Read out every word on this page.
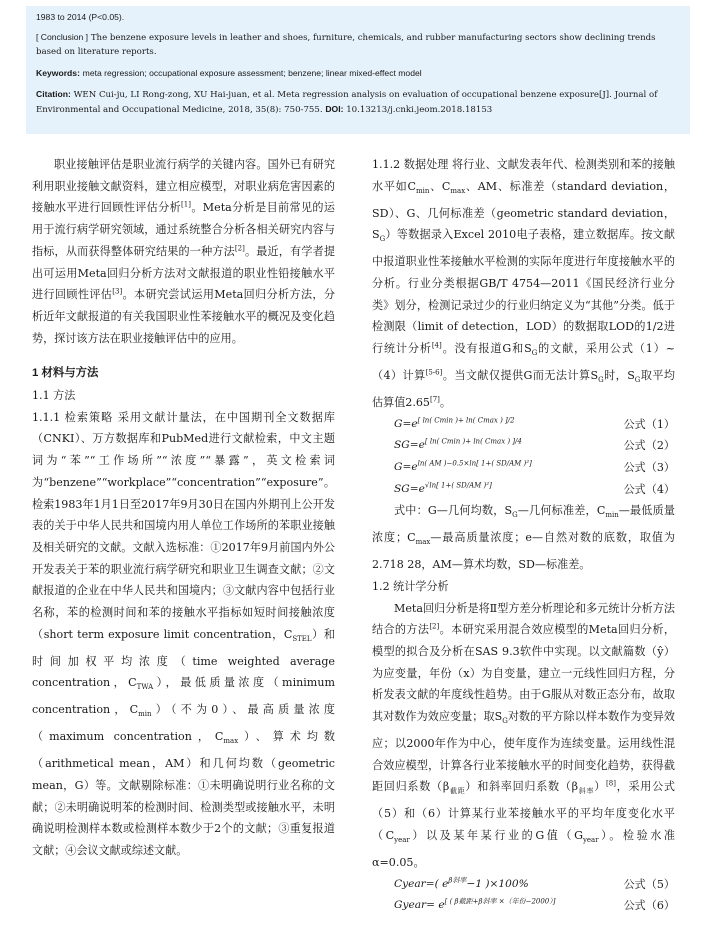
1983 to 2014 (P<0.05).

[ Conclusion ] The benzene exposure levels in leather and shoes, furniture, chemicals, and rubber manufacturing sectors show declining trends based on literature reports.

Keywords: meta regression; occupational exposure assessment; benzene; linear mixed-effect model

Citation: WEN Cui-ju, LI Rong-zong, XU Hai-juan, et al. Meta regression analysis on evaluation of occupational benzene exposure[J]. Journal of Environmental and Occupational Medicine, 2018, 35(8): 750-755. DOI: 10.13213/j.cnki.jeom.2018.18153

职业接触评估是职业流行病学的关键内容。国外已有研究利用职业接触文献资料，建立相应模型，对职业病危害因素的接触水平进行回顾性评估分析[1]。Meta分析是目前常见的运用于流行病学研究领域，通过系统整合分析各相关研究内容与指标，从而获得整体研究结果的一种方法[2]。最近，有学者提出可运用Meta回归分析方法对文献报道的职业性铅接触水平进行回顾性评估[3]。本研究尝试运用Meta回归分析方法，分析近年文献报道的有关我国职业性苯接触水平的概况及变化趋势，探讨该方法在职业接触评估中的应用。

1 材料与方法

1.1 方法

1.1.1 检索策略 采用文献计量法，在中国期刊全文数据库（CNKI）、万方数据库和PubMed进行文献检索，中文主题词为“苯”“工作场所”“浓度”“暴露”，英文检索词为“benzene”“workplace”“concentration”“exposure”。检索1983年1月1日至2017年9月30日在国内外期刊上公开发表的关于中华人民共和国境内用人单位工作场所的苯职业接触及相关研究的文献。文献入选标准：①2017年9月前国内外公开发表关于苯的职业流行病学研究和职业卫生调查文献；②文献报道的企业在中华人民共和国境内；③文献内容中包括行业名称，苯的检测时间和苯的接触水平指标如短时间接触浓度（short term exposure limit concentration，$C_{STEL}$）和时间加权平均浓度（time weighted average concentration，$C_{TWA}$），最低质量浓度（minimum concentration，$C_{min}$）（不为0）、最高质量浓度（maximum concentration，$C_{max}$）、算术均数（arithmetical mean，AM）和几何均数（geometric mean，G）等。文献剔除标准：①未明确说明行业名称的文献；②未明确说明苯的检测时间、检测类型或接触水平，未明确说明检测样本数或检测样本数少于2个的文献；③重复报道文献；④会议文献或综述文献。

1.1.2 数据处理 将行业、文献发表年代、检测类别和苯的接触水平如$C_{min}$、$C_{max}$、AM、标准差（standard deviation，SD）、G、几何标准差（geometric standard deviation，$S_G$）等数据录入Excel 2010电子表格，建立数据库。按文献中报道职业性苯接触水平检测的实际年度进行年度接触水平的分析。行业分类根据GB/T 4754—2011《国民经济行业分类》划分，检测记录过少的行业归纳定义为“其他”分类。低于检测限（limit of detection，LOD）的数据取LOD的1/2进行统计分析[4]。没有报道G和$S_G$的文献，采用公式（1）~（4）计算[5-6]。当文献仅提供G而无法计算$S_G$时，$S_G$取平均估算值2.65[7]。

$G=e^{[ ln( Cmin )+ ln( Cmax ) ]/2}$	公式（1）
$SG=e^{[ ln( Cmin )+ ln( Cmax ) ]/4}$	公式（2）
$G=e^{ln( AM )-0.5\times ln[ 1+( SD/AM )^2]}$	公式（3）
$SG=e^{√ln[ 1+( SD/AM )^2]}$	公式（4）

式中：G—几何均数，$S_G—$几何标准差，$C_{min}—$最低质量浓度；$C_{max}—$最高质量浓度；e—自然对数的底数，取值为2.718 28，AM—算术均数，SD—标准差。

1.2 统计学分析

Meta回归分析是将Ⅱ型方差分析理论和多元统计分析方法结合的方法[2]。本研究采用混合效应模型的Meta回归分析，模型的拟合及分析在SAS 9.3软件中实现。以文献篇数（ŷ）为应变量，年份（x）为自变量，建立一元线性回归方程，分析发表文献的年度线性趋势。由于G服从对数正态分布，故取其对数作为效应变量；取$S_G$对数的平方除以样本数作为变异效应；以2000年作为中心，使年度作为连续变量。运用线性混合效应模型，计算各行业苯接触水平的时间变化趋势，获得截距回归系数$(\beta_{截距})$和斜率回归系数$(\beta_{斜率})[8]$，采用公式（5）和（6）计算某行业苯接触水平的平均年度变化水平$(C_{year})$以及某年某行业的G值$(G_{year})$。检验水准α=0.05。

Cyear=( $e^{\beta 斜率}-1$ )×100%	公式（5）
Gyear= e[ ( β截距+β斜率 ×（年份−2000）]	公式（6）
